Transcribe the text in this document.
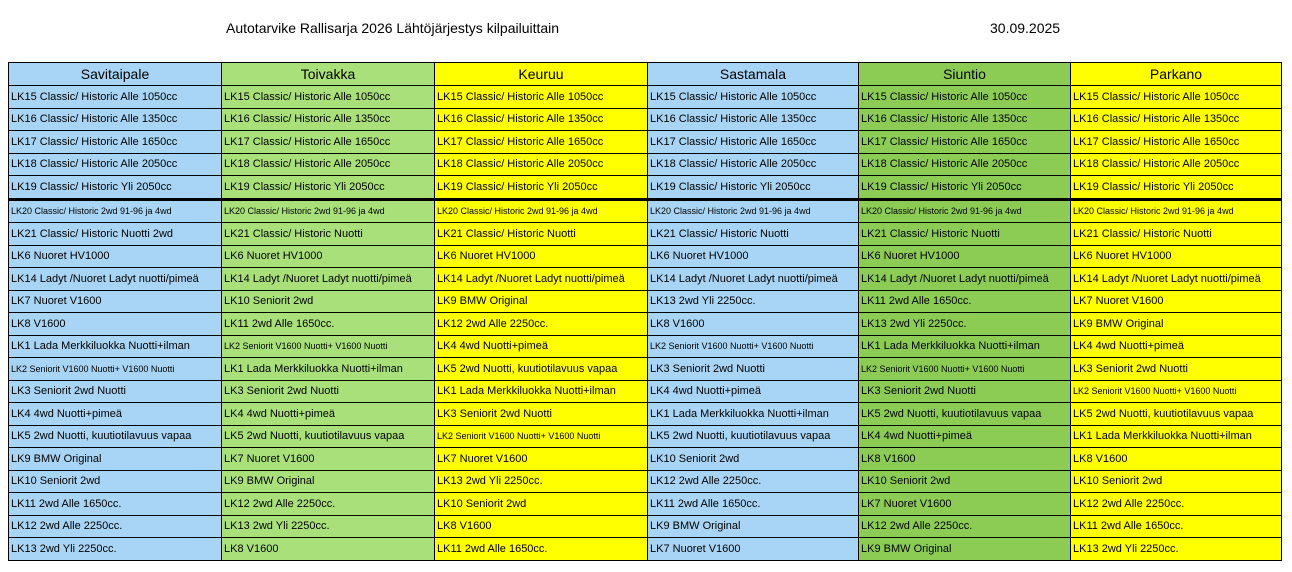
Autotarvike Rallisarja 2026 Lähtöjärjestys kilpailuittain	30.09.2025
Savitaipale	Toivakka	Keuruu	Sastamala	Siuntio	Parkano
LK15 Classic/ Historic Alle 1050cc	LK15 Classic/ Historic Alle 1050cc	LK15 Classic/ Historic Alle 1050cc	LK15 Classic/ Historic Alle 1050cc	LK15 Classic/ Historic Alle 1050cc	LK15 Classic/ Historic Alle 1050cc
LK16 Classic/ Historic Alle 1350cc	LK16 Classic/ Historic Alle 1350cc	LK16 Classic/ Historic Alle 1350cc	LK16 Classic/ Historic Alle 1350cc	LK16 Classic/ Historic Alle 1350cc	LK16 Classic/ Historic Alle 1350cc
LK17 Classic/ Historic Alle 1650cc	LK17 Classic/ Historic Alle 1650cc	LK17 Classic/ Historic Alle 1650cc	LK17 Classic/ Historic Alle 1650cc	LK17 Classic/ Historic Alle 1650cc	LK17 Classic/ Historic Alle 1650cc
LK18 Classic/ Historic Alle 2050cc	LK18 Classic/ Historic Alle 2050cc	LK18 Classic/ Historic Alle 2050cc	LK18 Classic/ Historic Alle 2050cc	LK18 Classic/ Historic Alle 2050cc	LK18 Classic/ Historic Alle 2050cc
LK19 Classic/ Historic Yli 2050cc	LK19 Classic/ Historic Yli 2050cc	LK19 Classic/ Historic Yli 2050cc	LK19 Classic/ Historic Yli 2050cc	LK19 Classic/ Historic Yli 2050cc	LK19 Classic/ Historic Yli 2050cc
LK20 Classic/ Historic 2wd 91-96 ja 4wd	LK20 Classic/ Historic 2wd 91-96 ja 4wd	LK20 Classic/ Historic 2wd 91-96 ja 4wd	LK20 Classic/ Historic 2wd 91-96 ja 4wd	LK20 Classic/ Historic 2wd 91-96 ja 4wd	LK20 Classic/ Historic 2wd 91-96 ja 4wd
LK21 Classic/ Historic Nuotti 2wd	LK21 Classic/ Historic Nuotti	LK21 Classic/ Historic Nuotti	LK21 Classic/ Historic Nuotti	LK21 Classic/ Historic Nuotti	LK21 Classic/ Historic Nuotti
LK6 Nuoret HV1000	LK6 Nuoret HV1000	LK6 Nuoret HV1000	LK6 Nuoret HV1000	LK6 Nuoret HV1000	LK6 Nuoret HV1000
LK14 Ladyt /Nuoret Ladyt nuotti/pimeä	LK14 Ladyt /Nuoret Ladyt nuotti/pimeä	LK14 Ladyt /Nuoret Ladyt nuotti/pimeä	LK14 Ladyt /Nuoret Ladyt nuotti/pimeä	LK14 Ladyt /Nuoret Ladyt nuotti/pimeä	LK14 Ladyt /Nuoret Ladyt nuotti/pimeä
LK7 Nuoret V1600	LK10 Seniorit 2wd	LK9 BMW Original	LK13 2wd Yli 2250cc.	LK11 2wd Alle 1650cc.	LK7 Nuoret V1600
LK8 V1600	LK11 2wd Alle 1650cc.	LK12 2wd Alle 2250cc.	LK8 V1600	LK13 2wd Yli 2250cc.	LK9 BMW Original
LK1 Lada Merkkiluokka Nuotti+ilman	LK2 Seniorit V1600 Nuotti+ V1600 Nuotti	LK4 4wd Nuotti+pimeä	LK2 Seniorit V1600 Nuotti+ V1600 Nuotti	LK1 Lada Merkkiluokka Nuotti+ilman	LK4 4wd Nuotti+pimeä
LK2 Seniorit V1600 Nuotti+ V1600 Nuotti	LK1 Lada Merkkiluokka Nuotti+ilman	LK5 2wd Nuotti, kuutiotilavuus vapaa	LK3 Seniorit 2wd Nuotti	LK2 Seniorit V1600 Nuotti+ V1600 Nuotti	LK3 Seniorit 2wd Nuotti
LK3 Seniorit 2wd Nuotti	LK3 Seniorit 2wd Nuotti	LK1 Lada Merkkiluokka Nuotti+ilman	LK4 4wd Nuotti+pimeä	LK3 Seniorit 2wd Nuotti	LK2 Seniorit V1600 Nuotti+ V1600 Nuotti
LK4 4wd Nuotti+pimeä	LK4 4wd Nuotti+pimeä	LK3 Seniorit 2wd Nuotti	LK1 Lada Merkkiluokka Nuotti+ilman	LK5 2wd Nuotti, kuutiotilavuus vapaa	LK5 2wd Nuotti, kuutiotilavuus vapaa
LK5 2wd Nuotti, kuutiotilavuus vapaa	LK5 2wd Nuotti, kuutiotilavuus vapaa	LK2 Seniorit V1600 Nuotti+ V1600 Nuotti	LK5 2wd Nuotti, kuutiotilavuus vapaa	LK4 4wd Nuotti+pimeä	LK1 Lada Merkkiluokka Nuotti+ilman
LK9 BMW Original	LK7 Nuoret V1600	LK7 Nuoret V1600	LK10 Seniorit 2wd	LK8 V1600	LK8 V1600
LK10 Seniorit 2wd	LK9 BMW Original	LK13 2wd Yli 2250cc.	LK12 2wd Alle 2250cc.	LK10 Seniorit 2wd	LK10 Seniorit 2wd
LK11 2wd Alle 1650cc.	LK12 2wd Alle 2250cc.	LK10 Seniorit 2wd	LK11 2wd Alle 1650cc.	LK7 Nuoret V1600	LK12 2wd Alle 2250cc.
LK12 2wd Alle 2250cc.	LK13 2wd Yli 2250cc.	LK8 V1600	LK9 BMW Original	LK12 2wd Alle 2250cc.	LK11 2wd Alle 1650cc.
LK13 2wd Yli 2250cc.	LK8 V1600	LK11 2wd Alle 1650cc.	LK7 Nuoret V1600	LK9 BMW Original	LK13 2wd Yli 2250cc.
